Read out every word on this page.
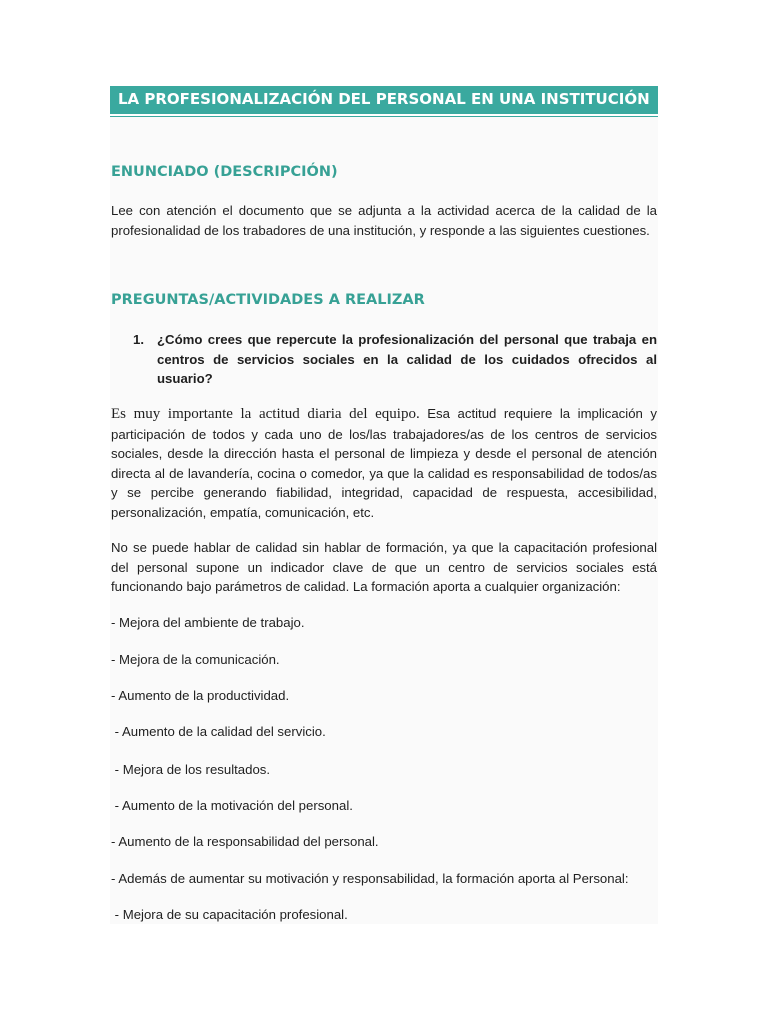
LA PROFESIONALIZACIÓN DEL PERSONAL EN UNA INSTITUCIÓN
ENUNCIADO (DESCRIPCIÓN)
Lee con atención el documento que se adjunta a la actividad acerca de la calidad de la profesionalidad de los trabadores de una institución, y responde a las siguientes cuestiones.
PREGUNTAS/ACTIVIDADES A REALIZAR
1. ¿Cómo crees que repercute la profesionalización del personal que trabaja en centros de servicios sociales en la calidad de los cuidados ofrecidos al usuario?
Es muy importante la actitud diaria del equipo. Esa actitud requiere la implicación y participación de todos y cada uno de los/las trabajadores/as de los centros de servicios sociales, desde la dirección hasta el personal de limpieza y desde el personal de atención directa al de lavandería, cocina o comedor, ya que la calidad es responsabilidad de todos/as y se percibe generando fiabilidad, integridad, capacidad de respuesta, accesibilidad, personalización, empatía, comunicación, etc.
No se puede hablar de calidad sin hablar de formación, ya que la capacitación profesional del personal supone un indicador clave de que un centro de servicios sociales está funcionando bajo parámetros de calidad. La formación aporta a cualquier organización:
- Mejora del ambiente de trabajo.
- Mejora de la comunicación.
- Aumento de la productividad.
- Aumento de la calidad del servicio.
- Mejora de los resultados.
- Aumento de la motivación del personal.
- Aumento de la responsabilidad del personal.
- Además de aumentar su motivación y responsabilidad, la formación aporta al Personal:
- Mejora de su capacitación profesional.
